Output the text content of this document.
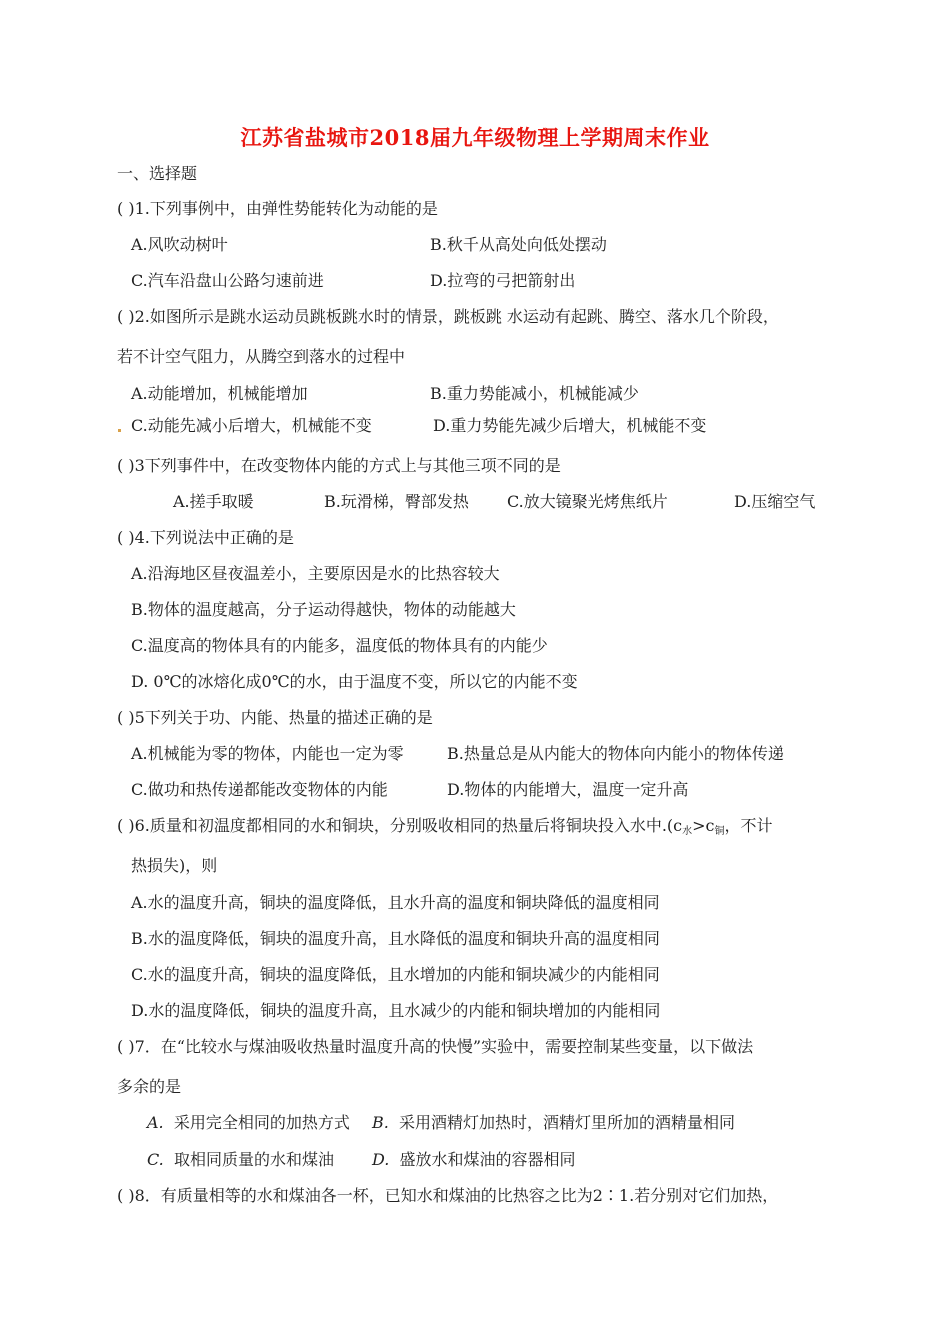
江苏省盐城市2018届九年级物理上学期周末作业
一、选择题
( )1.下列事例中，由弹性势能转化为动能的是
A.风吹动树叶	B.秋千从高处向低处摆动
C.汽车沿盘山公路匀速前进	D.拉弯的弓把箭射出
( )2.如图所示是跳水运动员跳板跳水时的情景，跳板跳 水运动有起跳、腾空、落水几个阶段，
若不计空气阻力，从腾空到落水的过程中
A.动能增加，机械能增加	B.重力势能减小，机械能减少
C.动能先减小后增大，机械能不变	D.重力势能先减少后增大，机械能不变
( )3下列事件中，在改变物体内能的方式上与其他三项不同的是
A.搓手取暖	B.玩滑梯，臀部发热 C.放大镜聚光烤焦纸片	D.压缩空气
( )4.下列说法中正确的是
A.沿海地区昼夜温差小，主要原因是水的比热容较大
B.物体的温度越高，分子运动得越快，物体的动能越大
C.温度高的物体具有的内能多，温度低的物体具有的内能少
D. 0℃的冰熔化成0℃的水，由于温度不变，所以它的内能不变
( )5下列关于功、内能、热量的描述正确的是
A.机械能为零的物体，内能也一定为零	B.热量总是从内能大的物体向内能小的物体传递
C.做功和热传递都能改变物体的内能	D.物体的内能增大，温度一定升高
( )6.质量和初温度都相同的水和铜块，分别吸收相同的热量后将铜块投入水中$.(c_水>c_铜$，不计
热损失)，则
A.水的温度升高，铜块的温度降低，且水升高的温度和铜块降低的温度相同
B.水的温度降低，铜块的温度升高，且水降低的温度和铜块升高的温度相同
C.水的温度升高，铜块的温度降低，且水增加的内能和铜块减少的内能相同
D.水的温度降低，铜块的温度升高，且水减少的内能和铜块增加的内能相同
( )7．在“比较水与煤油吸收热量时温度升高的快慢”实验中，需要控制某些变量，以下做法
多余的是
A. 采用完全相同的加热方式 B. 采用酒精灯加热时，酒精灯里所加的酒精量相同
C. 取相同质量的水和煤油 D. 盛放水和煤油的容器相同
( )8．有质量相等的水和煤油各一杯，已知水和煤油的比热容之比为2∶1.若分别对它们加热，
